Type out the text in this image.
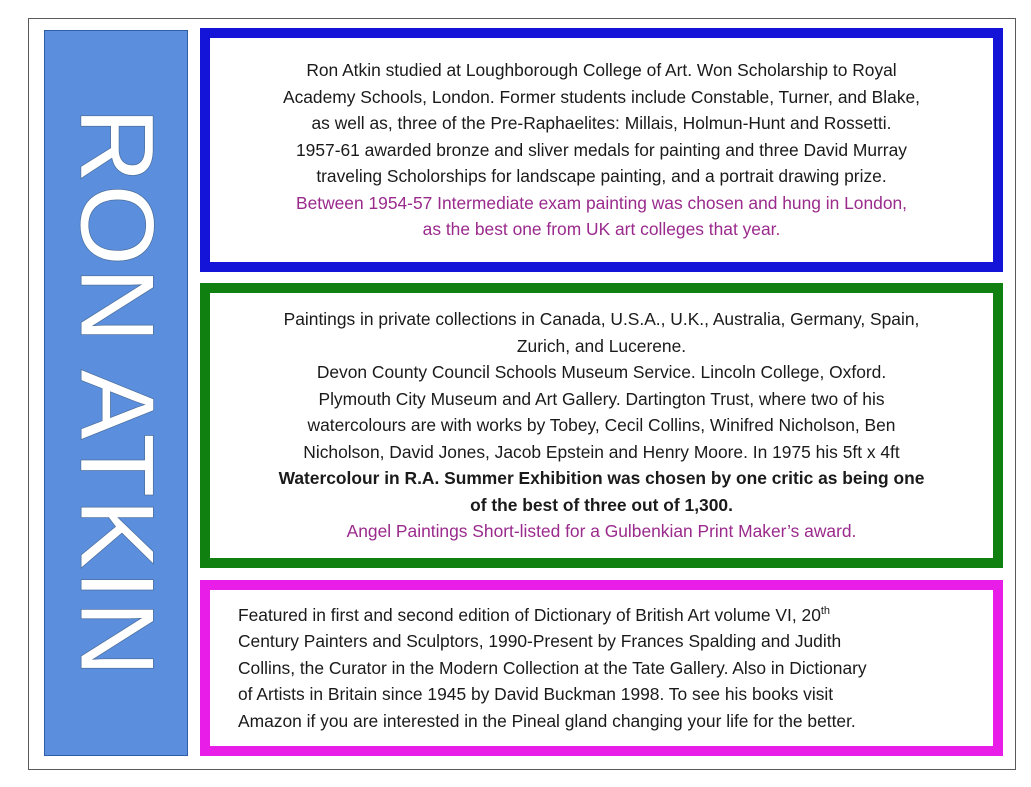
RON ATKIN

Ron Atkin studied at Loughborough College of Art. Won Scholarship to Royal

Academy Schools, London. Former students include Constable, Turner, and Blake,

as well as, three of the Pre-Raphaelites: Millais, Holmun-Hunt and Rossetti.

1957-61 awarded bronze and sliver medals for painting and three David Murray

traveling Scholorships for landscape painting, and a portrait drawing prize.

Between 1954-57 Intermediate exam painting was chosen and hung in London,

as the best one from UK art colleges that year.

Paintings in private collections in Canada, U.S.A., U.K., Australia, Germany, Spain,

Zurich, and Lucerene.

Devon County Council Schools Museum Service. Lincoln College, Oxford.

Plymouth City Museum and Art Gallery. Dartington Trust, where two of his

watercolours are with works by Tobey, Cecil Collins, Winifred Nicholson, Ben

Nicholson, David Jones, Jacob Epstein and Henry Moore. In 1975 his 5ft x 4ft

Watercolour in R.A. Summer Exhibition was chosen by one critic as being one

of the best of three out of 1,300.

Angel Paintings Short-listed for a Gulbenkian Print Maker’s award.

Featured in first and second edition of Dictionary of British Art volume VI, 20th

Century Painters and Sculptors, 1990-Present by Frances Spalding and Judith

Collins, the Curator in the Modern Collection at the Tate Gallery. Also in Dictionary

of Artists in Britain since 1945 by David Buckman 1998. To see his books visit

Amazon if you are interested in the Pineal gland changing your life for the better.
